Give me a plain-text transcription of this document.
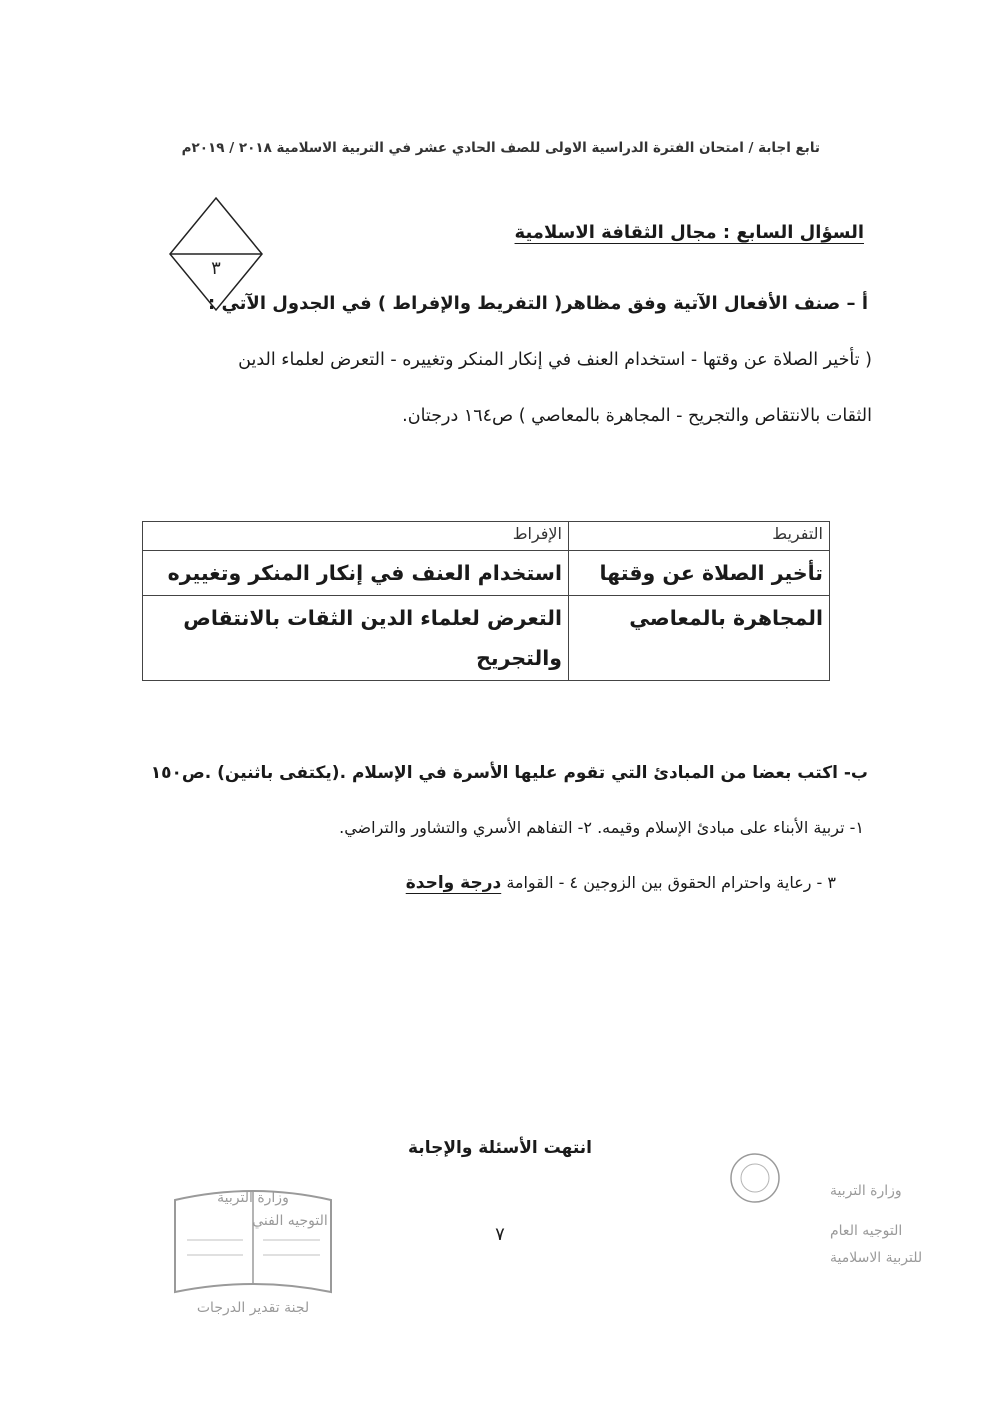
تابع اجابة / امتحان الفترة الدراسية الاولى للصف الحادي عشر في التربية الاسلامية ٢٠١٨ / ٢٠١٩م
٣
السؤال السابع : مجال الثقافة الاسلامية
أ – صنف الأفعال الآتية وفق مظاهر( التفريط والإفراط ) في الجدول الآتي :
( تأخير الصلاة عن وقتها - استخدام العنف في إنكار المنكر وتغييره - التعرض لعلماء الدين
الثقات بالانتقاص والتجريح - المجاهرة بالمعاصي ) ص١٦٤ درجتان.
التفريط	الإفراط
تأخير الصلاة عن وقتها	استخدام العنف في إنكار المنكر وتغييره
المجاهرة بالمعاصي	التعرض لعلماء الدين الثقات بالانتقاص والتجريح
ب- اكتب بعضا من المبادئ التي تقوم عليها الأسرة في الإسلام .(يكتفى باثنين) .ص١٥٠
١- تربية الأبناء على مبادئ الإسلام وقيمه. ٢- التفاهم الأسري والتشاور والتراضي.
٣ - رعاية واحترام الحقوق بين الزوجين ٤ - القوامة درجة واحدة
انتهت الأسئلة والإجابة
٧
وزارة التربية
التوجيه العام
للتربية الاسلامية
وزارة التربية
التوجيه الفني
لجنة تقدير الدرجات
